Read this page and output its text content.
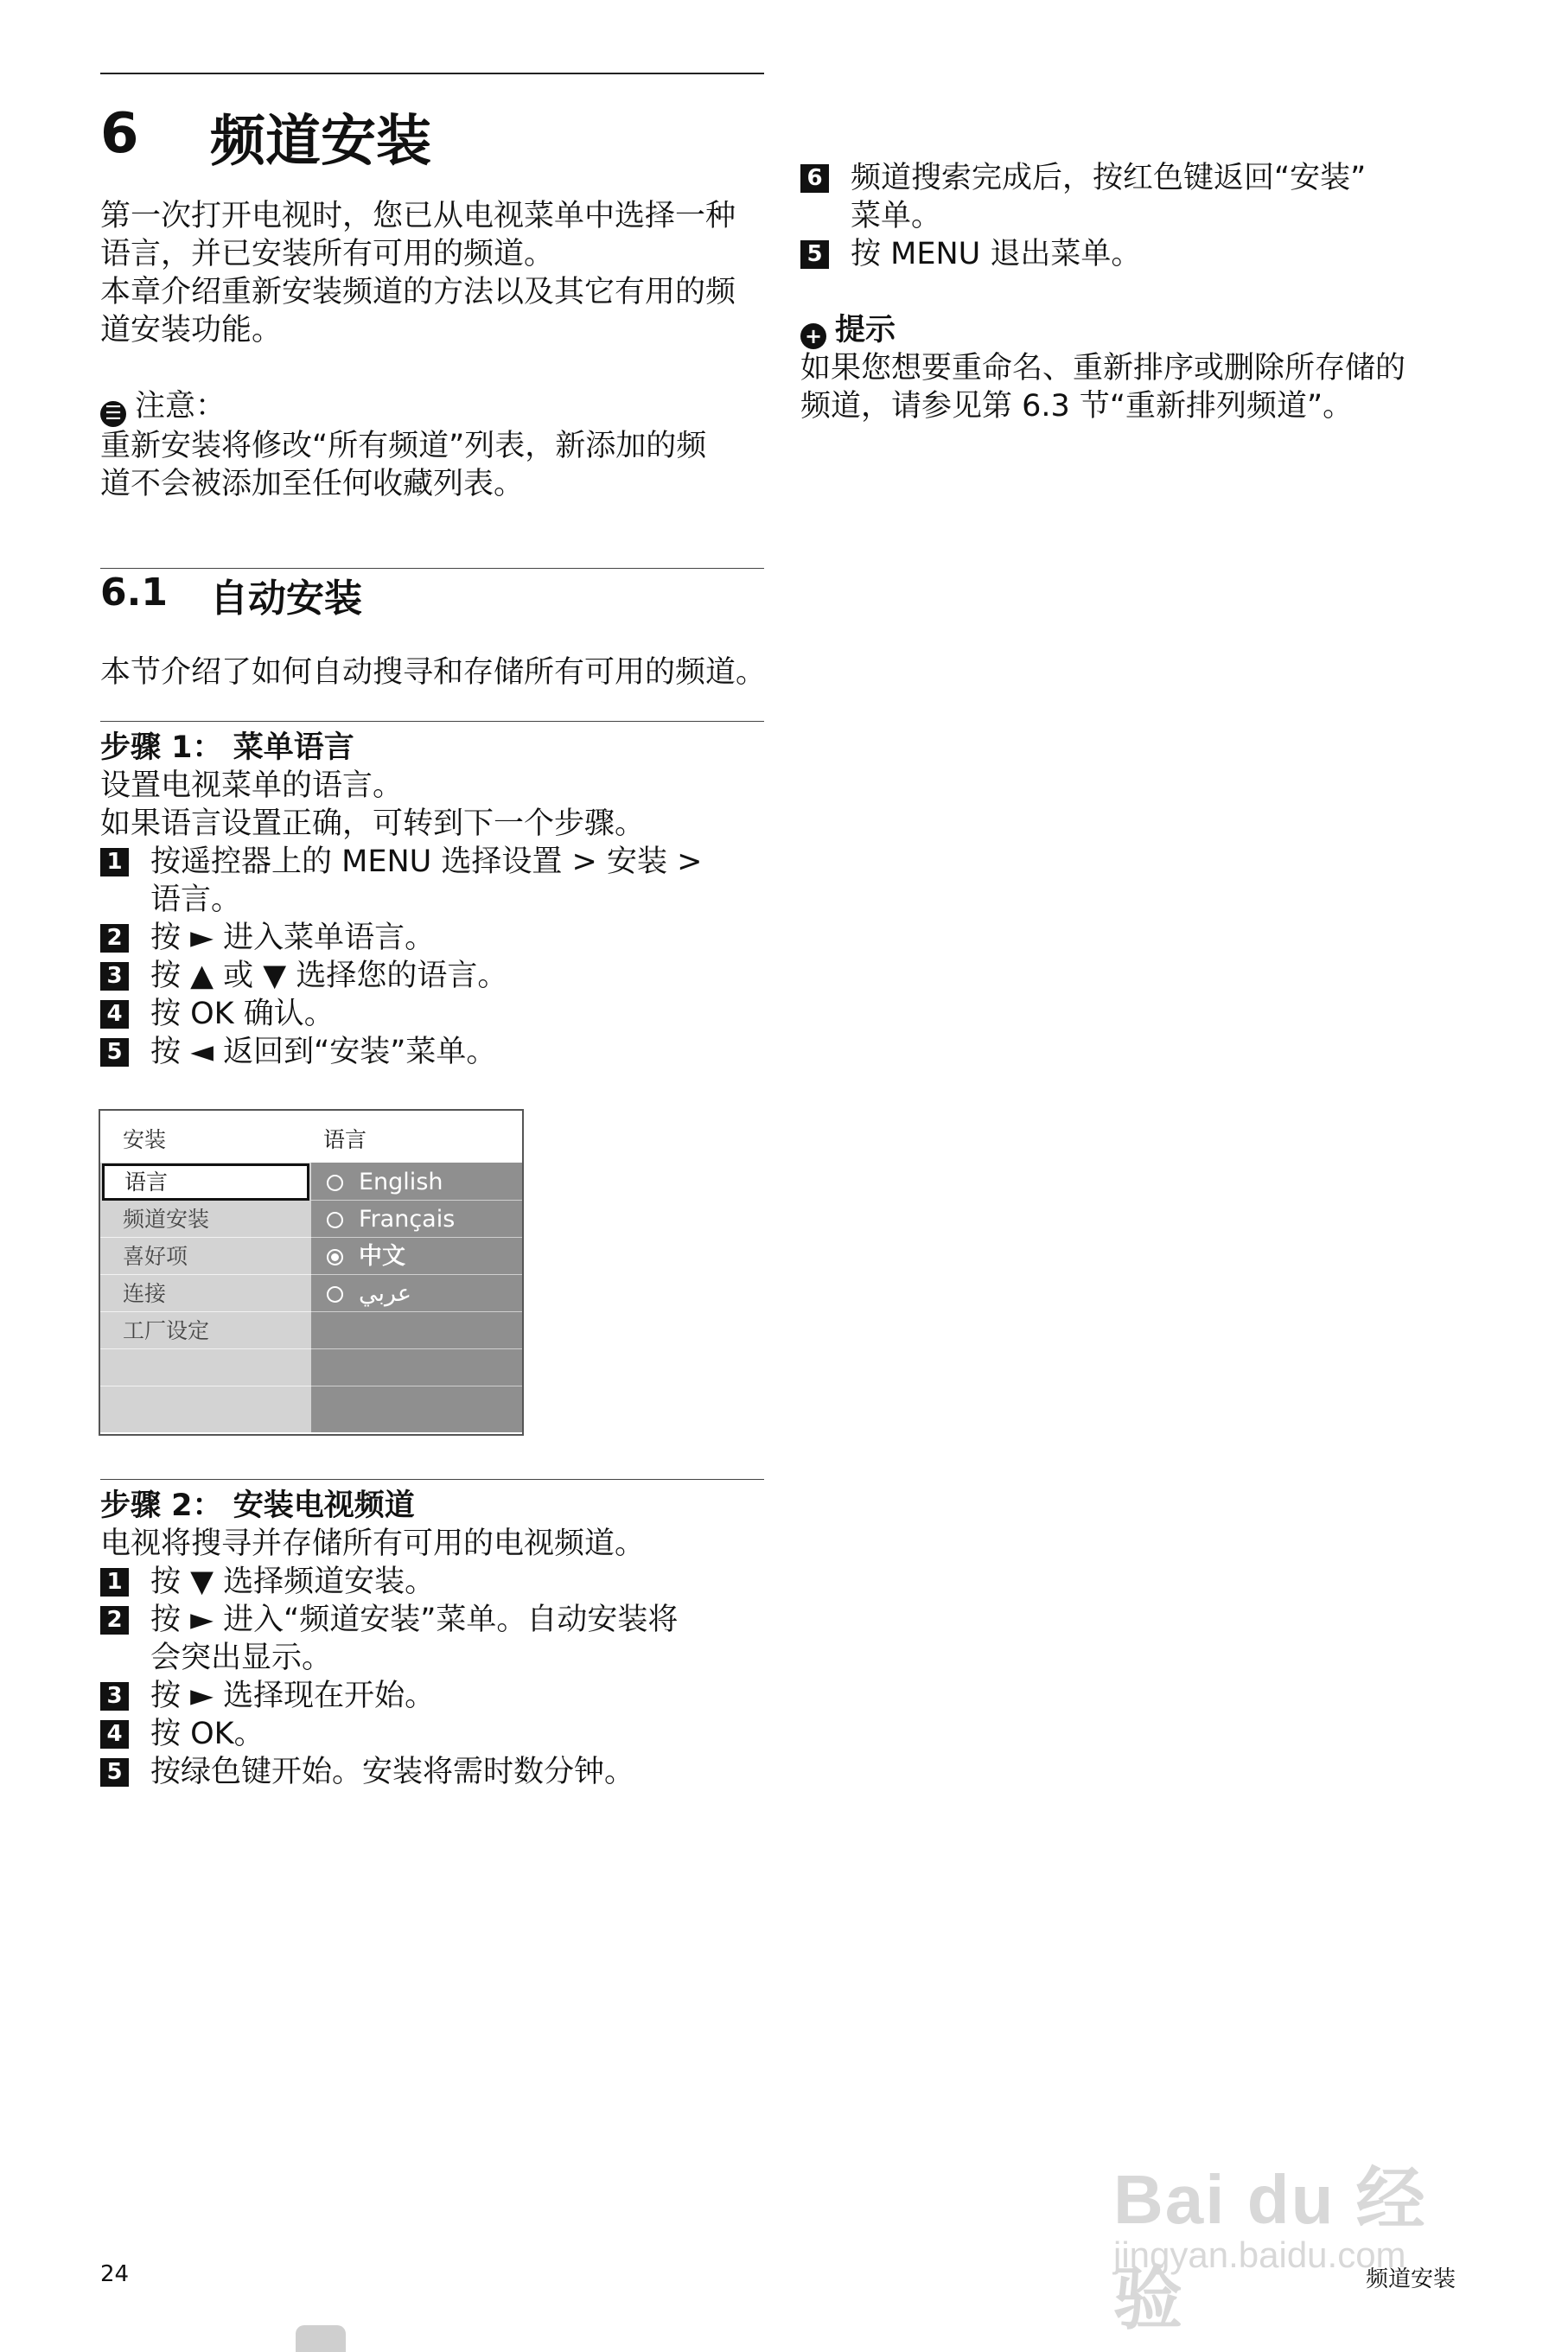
6 频道安装
第一次打开电视时，您已从电视菜单中选择一种
语言，并已安装所有可用的频道。
本章介绍重新安装频道的方法以及其它有用的频
道安装功能。
☰ 注意：
重新安装将修改“所有频道”列表，新添加的频
道不会被添加至任何收藏列表。
6.1 自动安装
本节介绍了如何自动搜寻和存储所有可用的频道。
步骤 1： 菜单语言
设置电视菜单的语言。
如果语言设置正确，可转到下一个步骤。
1 按遥控器上的 MENU 选择设置 > 安装 >
语言。
2 按 ► 进入菜单语言。
3 按 ▲ 或 ▼ 选择您的语言。
4 按 OK 确认。
5 按 ◄ 返回到“安装”菜单。
安装	语言
语言
频道安装
喜好项
连接
工厂设定
English
Français
中文
عربي
步骤 2： 安装电视频道
电视将搜寻并存储所有可用的电视频道。
1 按 ▼ 选择频道安装。
2 按 ► 进入“频道安装”菜单。自动安装将
会突出显示。
3 按 ► 选择现在开始。
4 按 OK。
5 按绿色键开始。安装将需时数分钟。
6 频道搜索完成后，按红色键返回“安装”
菜单。
5 按 MENU 退出菜单。
+ 提示
如果您想要重命名、重新排序或删除所存储的
频道，请参见第 6.3 节“重新排列频道”。
Bai du 经验
jingyan.baidu.com
24	频道安装
